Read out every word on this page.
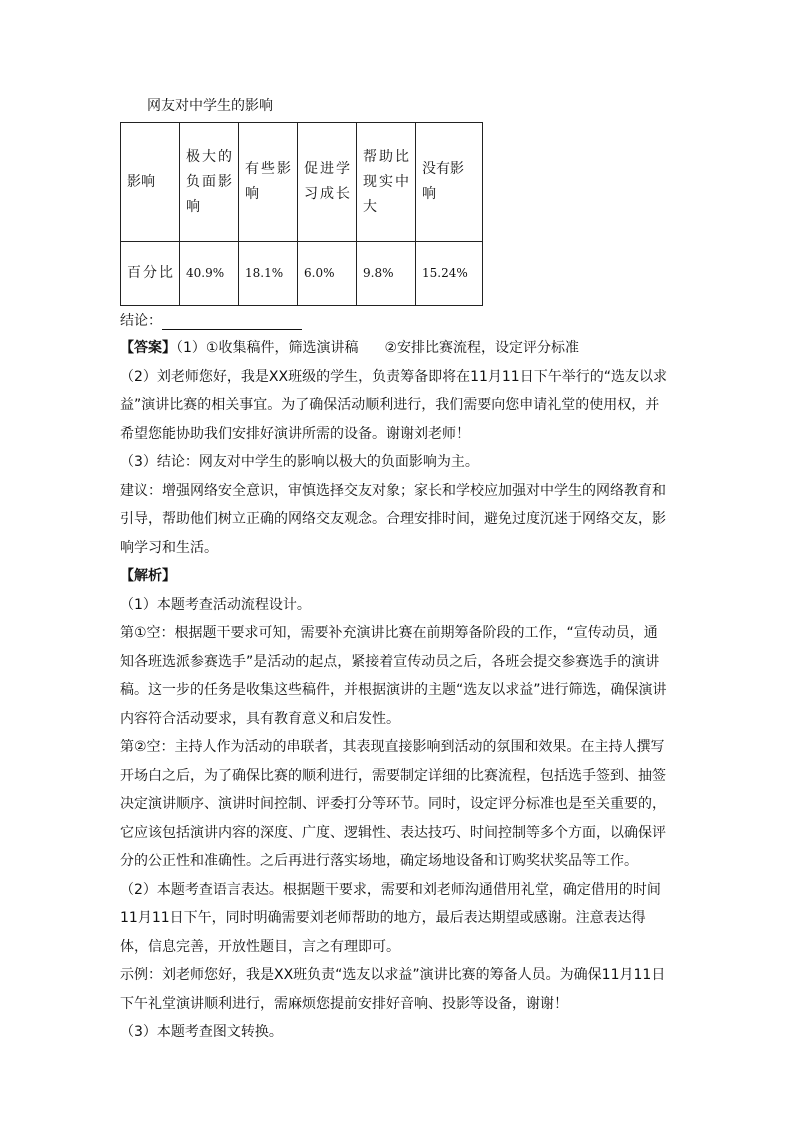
网友对中学生的影响
影响	极大的负面影响	有些影响	促进学习成长	帮助比现实中大	没有影响
百分比	40.9%	18.1%	6.0%	9.8%	15.24%
结论：

【答案】（1）①收集稿件，筛选演讲稿 ②安排比赛流程，设定评分标准

（2）刘老师您好，我是XX班级的学生，负责筹备即将在11月11日下午举行的“选友以求益”演讲比赛的相关事宜。为了确保活动顺利进行，我们需要向您申请礼堂的使用权，并希望您能协助我们安排好演讲所需的设备。谢谢刘老师！

（3）结论：网友对中学生的影响以极大的负面影响为主。

建议：增强网络安全意识，审慎选择交友对象；家长和学校应加强对中学生的网络教育和引导，帮助他们树立正确的网络交友观念。合理安排时间，避免过度沉迷于网络交友，影响学习和生活。

【解析】

（1）本题考查活动流程设计。

第①空：根据题干要求可知，需要补充演讲比赛在前期筹备阶段的工作，“宣传动员，通知各班选派参赛选手”是活动的起点，紧接着宣传动员之后，各班会提交参赛选手的演讲稿。这一步的任务是收集这些稿件，并根据演讲的主题“选友以求益”进行筛选，确保演讲内容符合活动要求，具有教育意义和启发性。

第②空：主持人作为活动的串联者，其表现直接影响到活动的氛围和效果。在主持人撰写开场白之后，为了确保比赛的顺利进行，需要制定详细的比赛流程，包括选手签到、抽签决定演讲顺序、演讲时间控制、评委打分等环节。同时，设定评分标准也是至关重要的，它应该包括演讲内容的深度、广度、逻辑性、表达技巧、时间控制等多个方面，以确保评分的公正性和准确性。之后再进行落实场地，确定场地设备和订购奖状奖品等工作。

（2）本题考查语言表达。根据题干要求，需要和刘老师沟通借用礼堂，确定借用的时间11月11日下午，同时明确需要刘老师帮助的地方，最后表达期望或感谢。注意表达得体，信息完善，开放性题目，言之有理即可。

示例：刘老师您好，我是XX班负责“选友以求益”演讲比赛的筹备人员。为确保11月11日下午礼堂演讲顺利进行，需麻烦您提前安排好音响、投影等设备，谢谢！

（3）本题考查图文转换。
